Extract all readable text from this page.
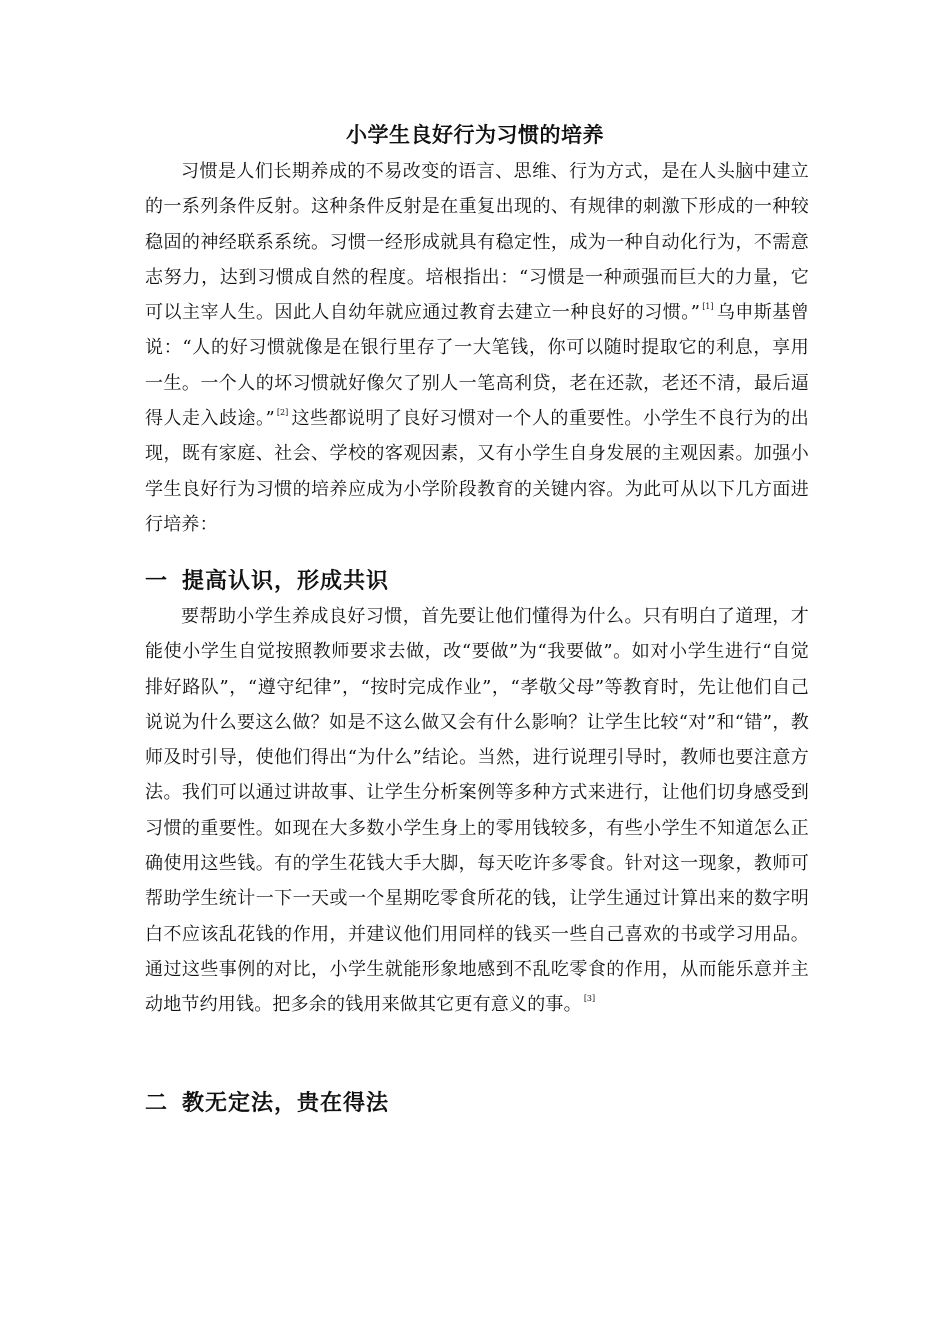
小学生良好行为习惯的培养
习惯是人们长期养成的不易改变的语言、思维、行为方式，是在人头脑中建立的一系列条件反射。这种条件反射是在重复出现的、有规律的刺激下形成的一种较稳固的神经联系系统。习惯一经形成就具有稳定性，成为一种自动化行为，不需意志努力，达到习惯成自然的程度。培根指出：“习惯是一种顽强而巨大的力量，它可以主宰人生。因此人自幼年就应通过教育去建立一种良好的习惯。” [1] 乌申斯基曾说：“人的好习惯就像是在银行里存了一大笔钱，你可以随时提取它的利息，享用一生。一个人的坏习惯就好像欠了别人一笔高利贷，老在还款，老还不清，最后逼得人走入歧途。” [2] 这些都说明了良好习惯对一个人的重要性。小学生不良行为的出现，既有家庭、社会、学校的客观因素，又有小学生自身发展的主观因素。加强小学生良好行为习惯的培养应成为小学阶段教育的关键内容。为此可从以下几方面进行培养：
一 提高认识，形成共识
要帮助小学生养成良好习惯，首先要让他们懂得为什么。只有明白了道理，才能使小学生自觉按照教师要求去做，改“要做”为“我要做”。如对小学生进行“自觉排好路队”，“遵守纪律”，“按时完成作业”，“孝敬父母”等教育时，先让他们自己说说为什么要这么做？如是不这么做又会有什么影响？让学生比较“对”和“错”，教师及时引导，使他们得出“为什么”结论。当然，进行说理引导时，教师也要注意方法。我们可以通过讲故事、让学生分析案例等多种方式来进行，让他们切身感受到习惯的重要性。如现在大多数小学生身上的零用钱较多，有些小学生不知道怎么正确使用这些钱。有的学生花钱大手大脚，每天吃许多零食。针对这一现象，教师可帮助学生统计一下一天或一个星期吃零食所花的钱，让学生通过计算出来的数字明白不应该乱花钱的作用，并建议他们用同样的钱买一些自己喜欢的书或学习用品。通过这些事例的对比，小学生就能形象地感到不乱吃零食的作用，从而能乐意并主动地节约用钱。把多余的钱用来做其它更有意义的事。 [3]
二 教无定法，贵在得法
